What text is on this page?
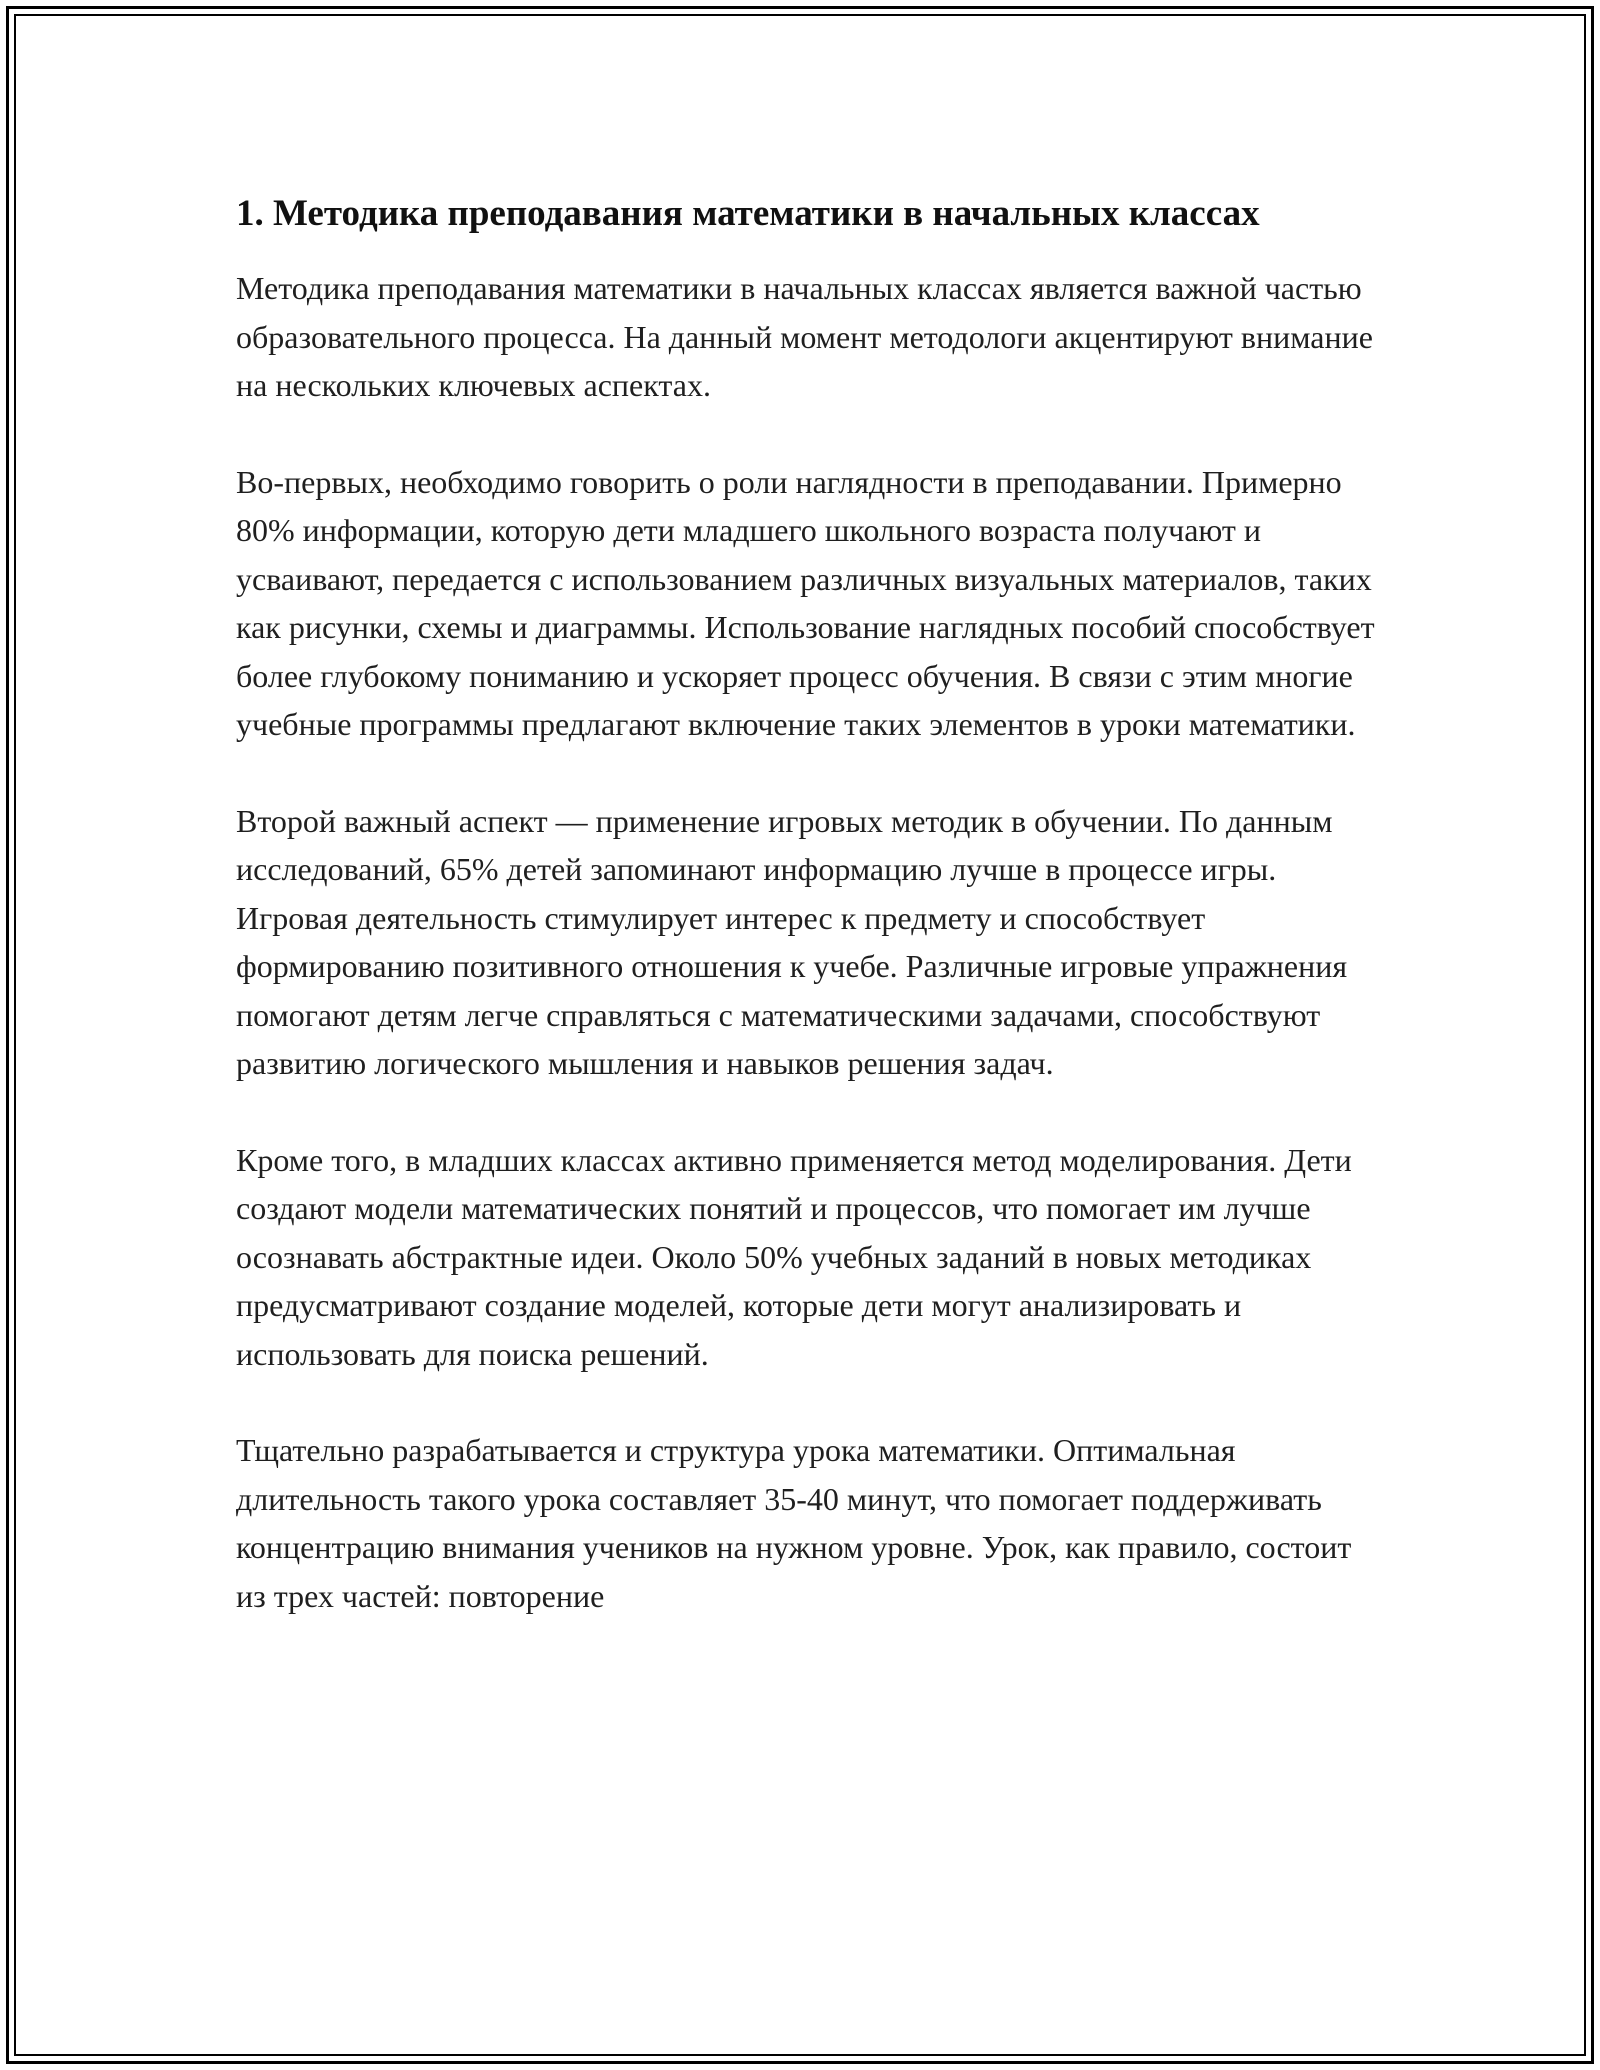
1. Методика преподавания математики в начальных классах

Методика преподавания математики в начальных классах является важной частью образовательного процесса. На данный момент методологи акцентируют внимание на нескольких ключевых аспектах.

Во-первых, необходимо говорить о роли наглядности в преподавании. Примерно 80% информации, которую дети младшего школьного возраста получают и усваивают, передается с использованием различных визуальных материалов, таких как рисунки, схемы и диаграммы. Использование наглядных пособий способствует более глубокому пониманию и ускоряет процесс обучения. В связи с этим многие учебные программы предлагают включение таких элементов в уроки математики.

Второй важный аспект — применение игровых методик в обучении. По данным исследований, 65% детей запоминают информацию лучше в процессе игры. Игровая деятельность стимулирует интерес к предмету и способствует формированию позитивного отношения к учебе. Различные игровые упражнения помогают детям легче справляться с математическими задачами, способствуют развитию логического мышления и навыков решения задач.

Кроме того, в младших классах активно применяется метод моделирования. Дети создают модели математических понятий и процессов, что помогает им лучше осознавать абстрактные идеи. Около 50% учебных заданий в новых методиках предусматривают создание моделей, которые дети могут анализировать и использовать для поиска решений.

Тщательно разрабатывается и структура урока математики. Оптимальная длительность такого урока составляет 35-40 минут, что помогает поддерживать концентрацию внимания учеников на нужном уровне. Урок, как правило, состоит из трех частей: повторение
